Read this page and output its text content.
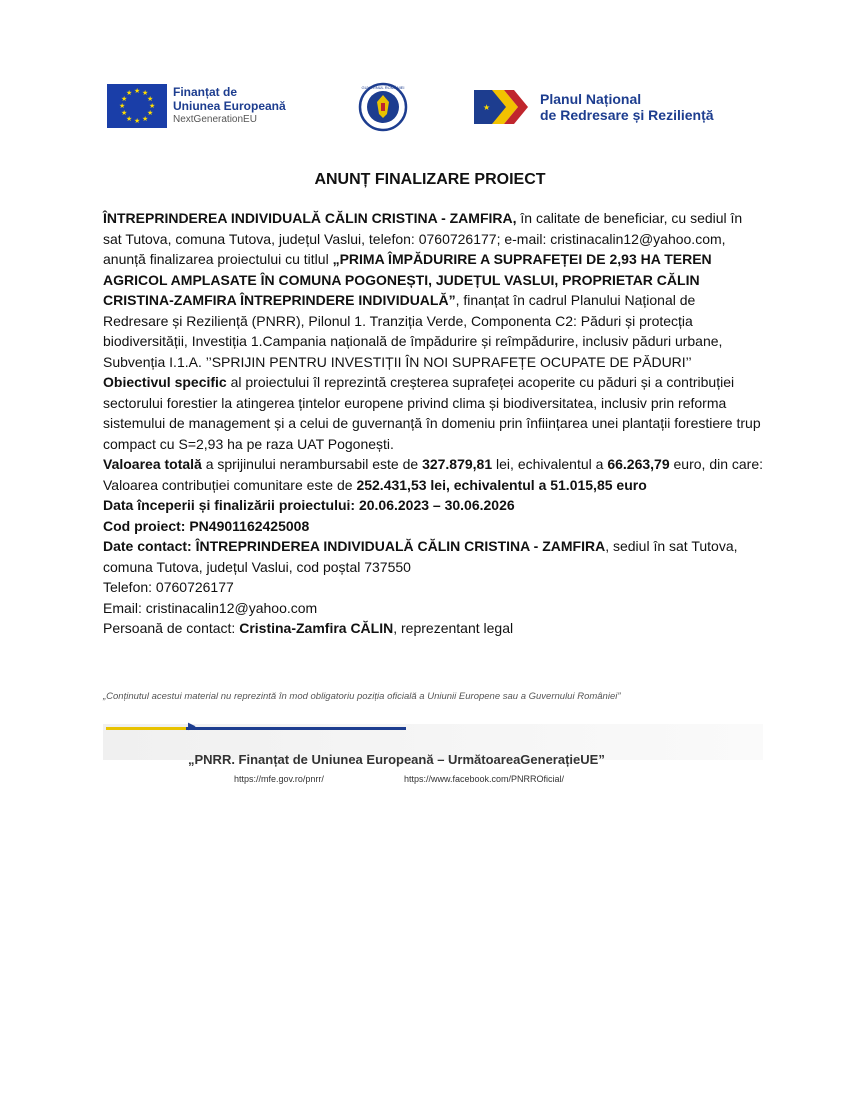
★ ★
★
★
★
★
★
★
★
★
★
★	Finanțat de
Uniunea Europeană
NextGenerationEU
GUVERNUL ROMÂNIEI
★
Planul Național
de Redresare și Reziliență
ANUNȚ FINALIZARE PROIECT

ÎNTREPRINDEREA INDIVIDUALĂ CĂLIN CRISTINA - ZAMFIRA, în calitate de beneficiar, cu sediul în sat Tutova, comuna Tutova, județul Vaslui, telefon: 0760726177; e-mail: cristinacalin12@yahoo.com, anunță finalizarea proiectului cu titlul „PRIMA ÎMPĂDURIRE A SUPRAFEȚEI DE 2,93 HA TEREN AGRICOL AMPLASATE ÎN COMUNA POGONEȘTI, JUDEȚUL VASLUI, PROPRIETAR CĂLIN CRISTINA-ZAMFIRA ÎNTREPRINDERE INDIVIDUALĂ”, finanțat în cadrul Planului Național de Redresare și Reziliență (PNRR), Pilonul 1. Tranziția Verde, Componenta C2: Păduri și protecția biodiversității, Investiția 1.Campania națională de împădurire și reîmpădurire, inclusiv păduri urbane, Subvenția I.1.A. ’’SPRIJIN PENTRU INVESTIȚII ÎN NOI SUPRAFEȚE OCUPATE DE PĂDURI’’

Obiectivul specific al proiectului îl reprezintă creșterea suprafeței acoperite cu păduri și a contribuției sectorului forestier la atingerea țintelor europene privind clima și biodiversitatea, inclusiv prin reforma sistemului de management și a celui de guvernanță în domeniu prin înființarea unei plantații forestiere trup compact cu S=2,93 ha pe raza UAT Pogonești.

Valoarea totală a sprijinului nerambursabil este de 327.879,81 lei, echivalentul a 66.263,79 euro, din care:

Valoarea contribuției comunitare este de 252.431,53 lei, echivalentul a 51.015,85 euro

Data începerii și finalizării proiectului: 20.06.2023 – 30.06.2026

Cod proiect: PN4901162425008

Date contact: ÎNTREPRINDEREA INDIVIDUALĂ CĂLIN CRISTINA - ZAMFIRA, sediul în sat Tutova, comuna Tutova, județul Vaslui, cod poștal 737550

Telefon: 0760726177

Email: cristinacalin12@yahoo.com

Persoană de contact: Cristina-Zamfira CĂLIN, reprezentant legal

„Conținutul acestui material nu reprezintă în mod obligatoriu poziția oficială a Uniunii Europene sau a Guvernului României”
▶
„PNRR. Finanțat de Uniunea Europeană – UrmătoareaGenerațieUE”
https://mfe.gov.ro/pnrr/	https://www.facebook.com/PNRROficial/
